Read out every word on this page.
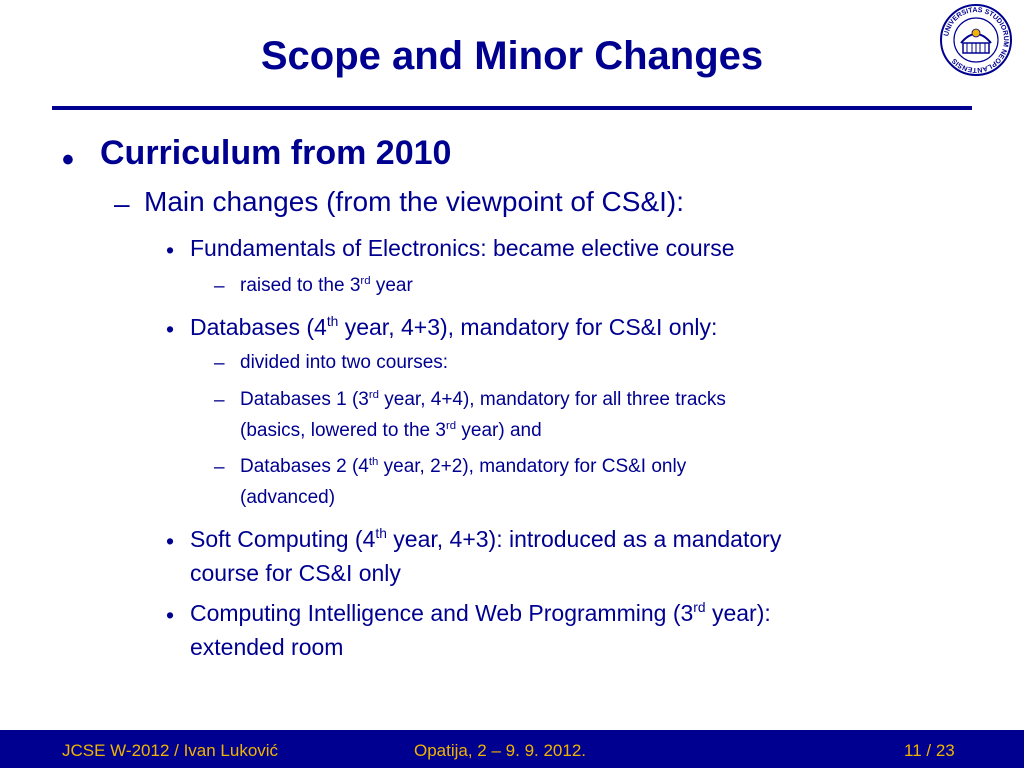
Scope and Minor Changes
UNIVERSITAS STUDIORUM NEOPLANTENSIS
• Curriculum from 2010
– Main changes (from the viewpoint of CS&I):
• Fundamentals of Electronics: became elective course
– raised to the 3rd year
• Databases (4th year, 4+3), mandatory for CS&I only:
– divided into two courses:
– Databases 1 (3rd year, 4+4), mandatory for all three tracks
(basics, lowered to the 3rd year) and
– Databases 2 (4th year, 2+2), mandatory for CS&I only
(advanced)
• Soft Computing (4th year, 4+3): introduced as a mandatory
course for CS&I only
• Computing Intelligence and Web Programming (3rd year):
extended room
JCSE W-2012 / Ivan Luković	Opatija, 2 – 9. 9. 2012.	11 / 23
